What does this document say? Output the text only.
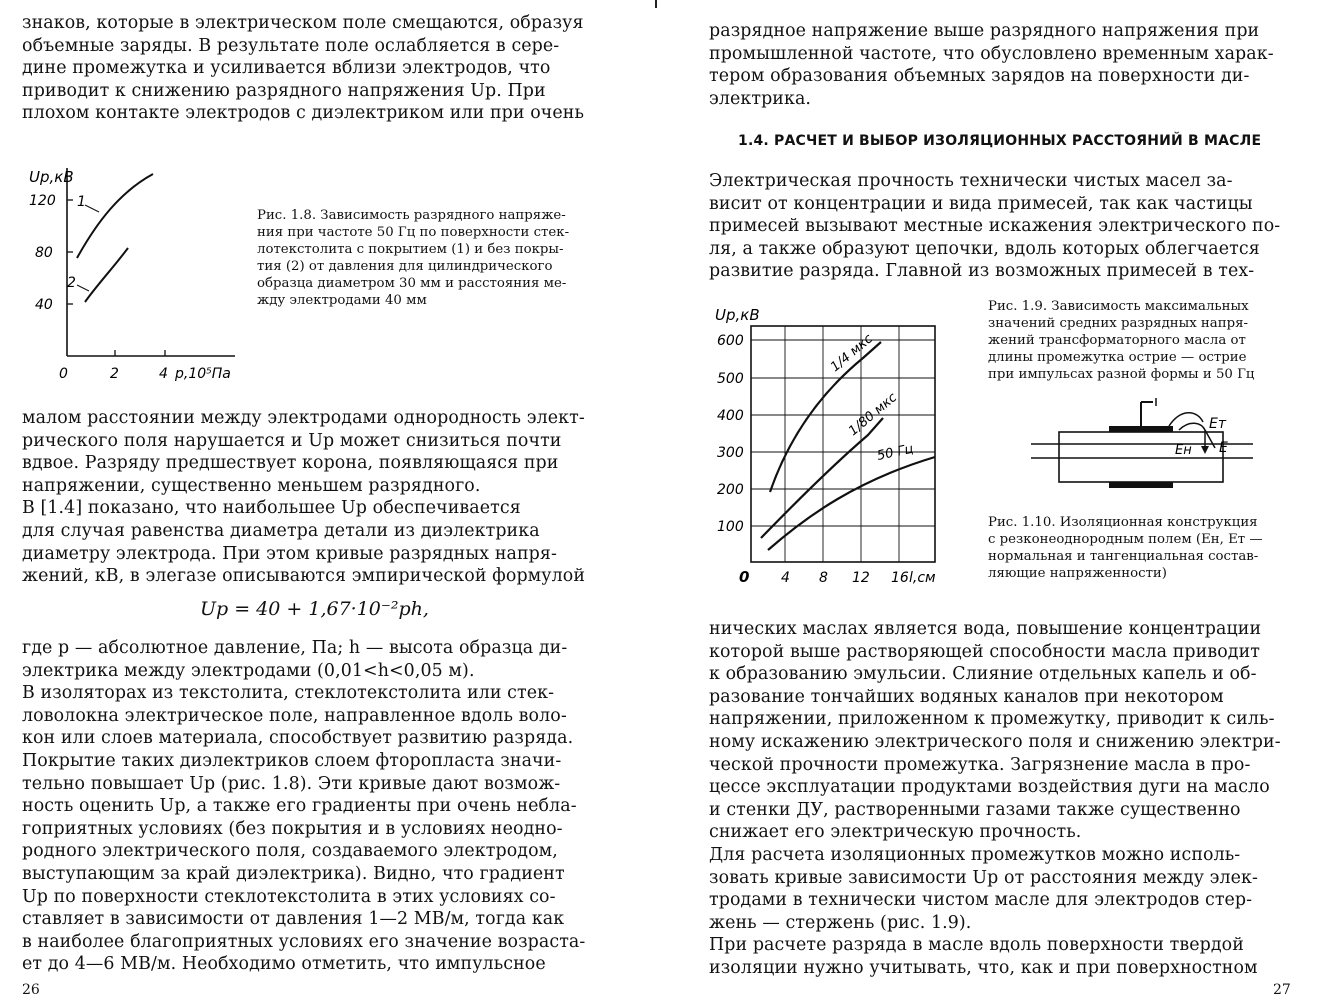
знаков, которые в электрическом поле смещаются, образуя
объемные заряды. В результате поле ослабляется в сере-
дине промежутка и усиливается вблизи электродов, что
приводит к снижению разрядного напряжения Uр. При
плохом контакте электродов с диэлектриком или при очень

Uр,кВ
120
80
40
0	2	4 p,10⁵Па
1
2

Рис. 1.8. Зависимость разрядного напряже-
ния при частоте 50 Гц по поверхности стек-
лотекстолита с покрытием (1) и без покры-
тия (2) от давления для цилиндрического
образца диаметром 30 мм и расстояния ме-
жду электродами 40 мм

малом расстоянии между электродами однородность элект-
рического поля нарушается и Uр может снизиться почти
вдвое. Разряду предшествует корона, появляющаяся при
напряжении, существенно меньшем разрядного.
В [1.4] показано, что наибольшее Uр обеспечивается
для случая равенства диаметра детали из диэлектрика
диаметру электрода. При этом кривые разрядных напря-
жений, кВ, в элегазе описываются эмпирической формулой

Uр = 40 + 1,67·10⁻²ph,

где p — абсолютное давление, Па; h — высота образца ди-
электрика между электродами (0,01<h<0,05 м).
В изоляторах из текстолита, стеклотекстолита или стек-
ловолокна электрическое поле, направленное вдоль воло-
кон или слоев материала, способствует развитию разряда.
Покрытие таких диэлектриков слоем фторопласта значи-
тельно повышает Uр (рис. 1.8). Эти кривые дают возмож-
ность оценить Uр, а также его градиенты при очень небла-
гоприятных условиях (без покрытия и в условиях неодно-
родного электрического поля, создаваемого электродом,
выступающим за край диэлектрика). Видно, что градиент
Uр по поверхности стеклотекстолита в этих условиях со-
ставляет в зависимости от давления 1—2 МВ/м, тогда как
в наиболее благоприятных условиях его значение возраста-
ет до 4—6 МВ/м. Необходимо отметить, что импульсное

26

разрядное напряжение выше разрядного напряжения при
промышленной частоте, что обусловлено временным харак-
тером образования объемных зарядов на поверхности ди-
электрика.

1.4. РАСЧЕТ И ВЫБОР ИЗОЛЯЦИОННЫХ РАССТОЯНИЙ В МАСЛЕ

Электрическая прочность технически чистых масел за-
висит от концентрации и вида примесей, так как частицы
примесей вызывают местные искажения электрического по-
ля, а также образуют цепочки, вдоль которых облегчается
развитие разряда. Главной из возможных примесей в тех-

Uр,кВ
600
500
400
300
200
100
0 4 8 12 16 l,см
1/4 мкс
1/80 мкс
50 Гц

Рис. 1.9. Зависимость максимальных
значений средних разрядных напря-
жений трансформаторного масла от
длины промежутка острие — острие
при импульсах разной формы и 50 Гц

Eт
Eн E

Рис. 1.10. Изоляционная конструкция
с резконеоднородным полем (Eн, Eт —
нормальная и тангенциальная состав-
ляющие напряженности)

нических маслах является вода, повышение концентрации
которой выше растворяющей способности масла приводит
к образованию эмульсии. Слияние отдельных капель и об-
разование тончайших водяных каналов при некотором
напряжении, приложенном к промежутку, приводит к силь-
ному искажению электрического поля и снижению электри-
ческой прочности промежутка. Загрязнение масла в про-
цессе эксплуатации продуктами воздействия дуги на масло
и стенки ДУ, растворенными газами также существенно
снижает его электрическую прочность.
Для расчета изоляционных промежутков можно исполь-
зовать кривые зависимости Uр от расстояния между элек-
тродами в технически чистом масле для электродов стер-
жень — стержень (рис. 1.9).
При расчете разряда в масле вдоль поверхности твердой
изоляции нужно учитывать, что, как и при поверхностном

27
